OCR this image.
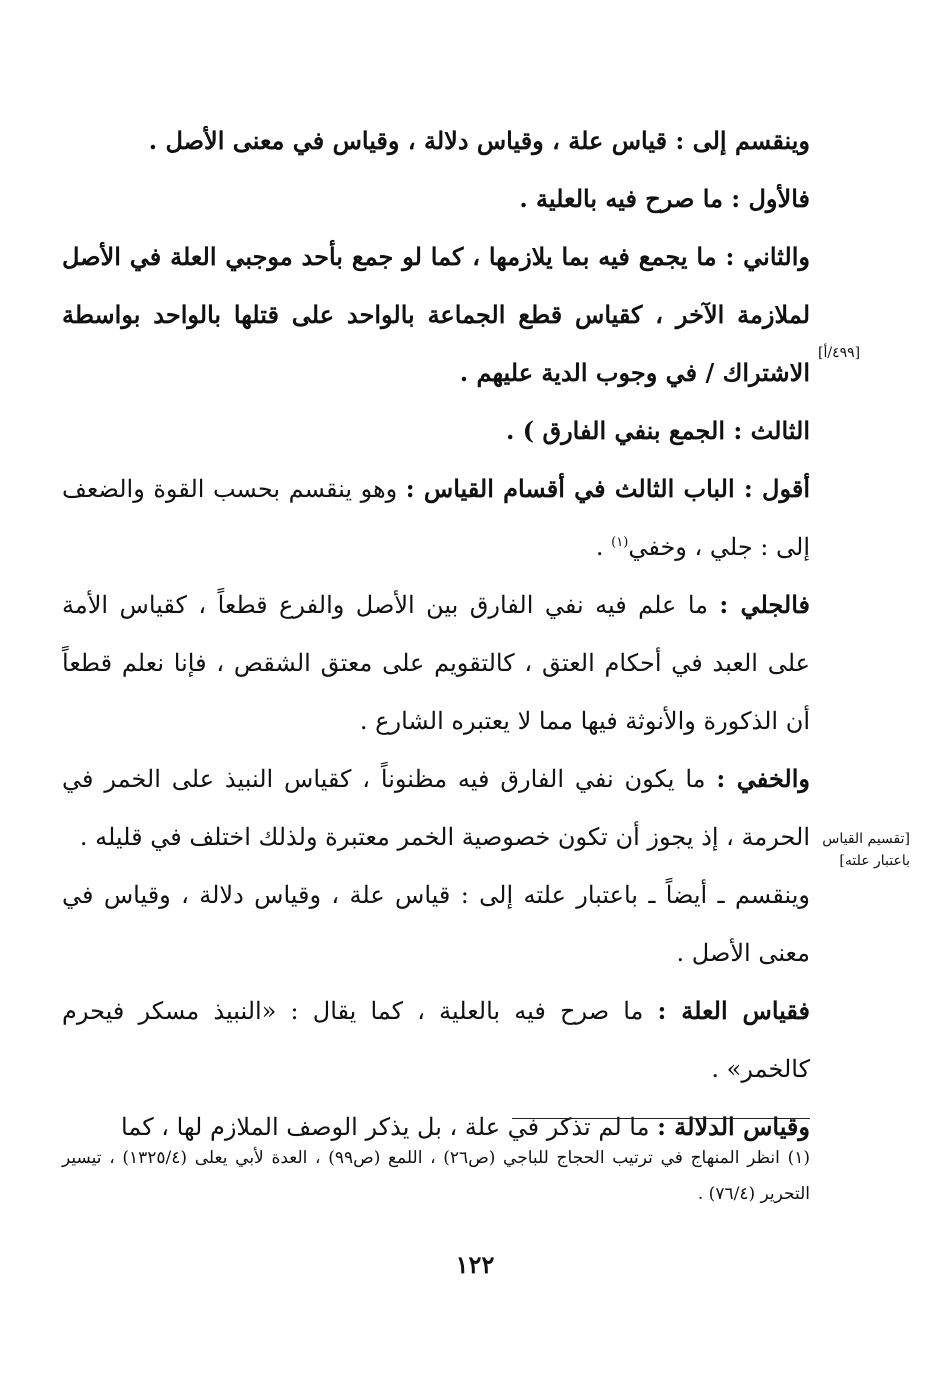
وينقسم إلى : قياس علة ، وقياس دلالة ، وقياس في معنى الأصل .

فالأول : ما صرح فيه بالعلية .

والثاني : ما يجمع فيه بما يلازمها ، كما لو جمع بأحد موجبي العلة في الأصل لملازمة الآخر ، كقياس قطع الجماعة بالواحد على قتلها بالواحد بواسطة الاشتراك / في وجوب الدية عليهم .

الثالث : الجمع بنفي الفارق ) .

أقول : الباب الثالث في أقسام القياس : وهو ينقسم بحسب القوة والضعف إلى : جلي ، وخفي$^{(١)}$ .

فالجلي : ما علم فيه نفي الفارق بين الأصل والفرع قطعاً ، كقياس الأمة على العبد في أحكام العتق ، كالتقويم على معتق الشقص ، فإنا نعلم قطعاً أن الذكورة والأنوثة فيها مما لا يعتبره الشارع .

والخفي : ما يكون نفي الفارق فيه مظنوناً ، كقياس النبيذ على الخمر في الحرمة ، إذ يجوز أن تكون خصوصية الخمر معتبرة ولذلك اختلف في قليله .

وينقسم ـ أيضاً ـ باعتبار علته إلى : قياس علة ، وقياس دلالة ، وقياس في معنى الأصل .

فقياس العلة : ما صرح فيه بالعلية ، كما يقال : «النبيذ مسكر فيحرم كالخمر» .

وقياس الدلالة : ما لم تذكر في علة ، بل يذكر الوصف الملازم لها ، كما

[٤٩٩/أ]
[تقسيم القياس
باعتبار علته]

(١) انظر المنهاج في ترتيب الحجاج للباجي (ص٢٦) ، اللمع (ص٩٩) ، العدة لأبي يعلى (١٣٢٥/٤) ، تيسير التحرير (٧٦/٤) .

١٢٢
